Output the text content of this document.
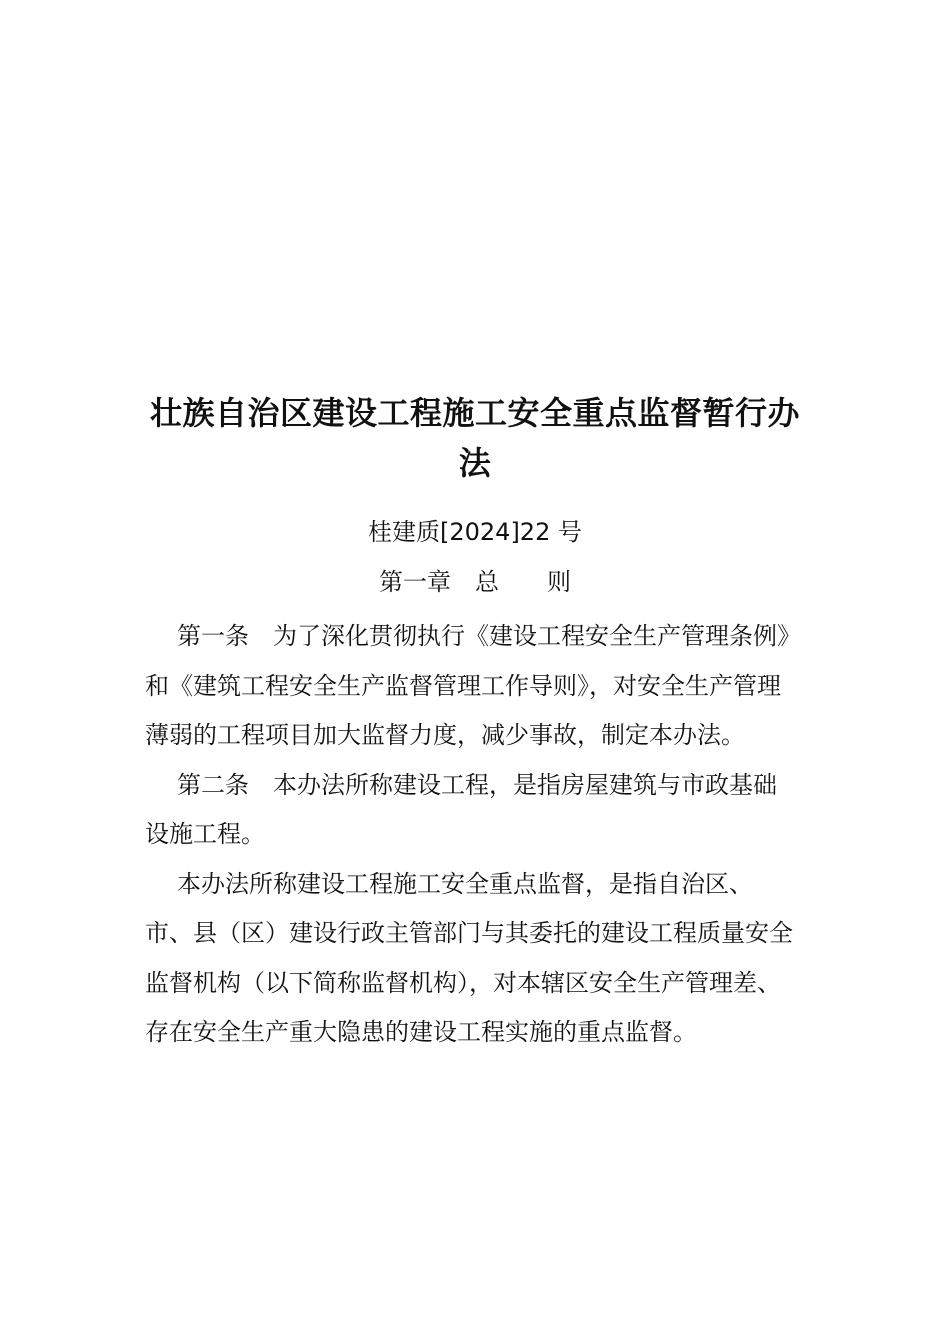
壮族自治区建设工程施工安全重点监督暂行办法
桂建质[2024]22 号
第一章　总　　则

第一条　为了深化贯彻执行《建设工程安全生产管理条例》和《建筑工程安全生产监督管理工作导则》，对安全生产管理薄弱的工程项目加大监督力度，减少事故，制定本办法。

第二条　本办法所称建设工程，是指房屋建筑与市政基础设施工程。

本办法所称建设工程施工安全重点监督，是指自治区、市、县（区）建设行政主管部门与其委托的建设工程质量安全监督机构（以下简称监督机构），对本辖区安全生产管理差、存在安全生产重大隐患的建设工程实施的重点监督。
